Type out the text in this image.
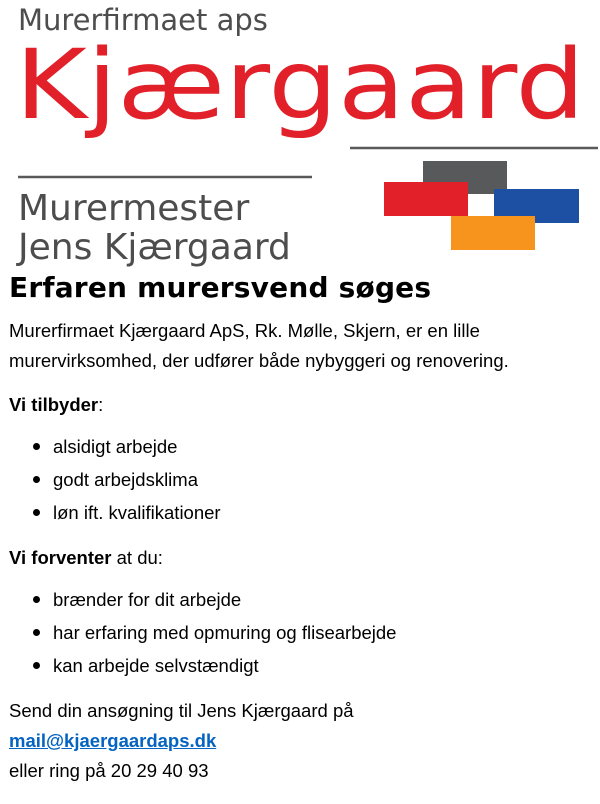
Murerfirmaet aps
Kjærgaard
Murermester
Jens Kjærgaard
Erfaren murersvend søges

Murerfirmaet Kjærgaard ApS, Rk. Mølle, Skjern, er en lille murervirksomhed, der udfører både nybyggeri og renovering.

Vi tilbyder:

alsidigt arbejde
godt arbejdsklima
løn ift. kvalifikationer

Vi forventer at du:

brænder for dit arbejde
har erfaring med opmuring og flisearbejde
kan arbejde selvstændigt

Send din ansøgning til Jens Kjærgaard på

mail@kjaergaardaps.dk

eller ring på 20 29 40 93
